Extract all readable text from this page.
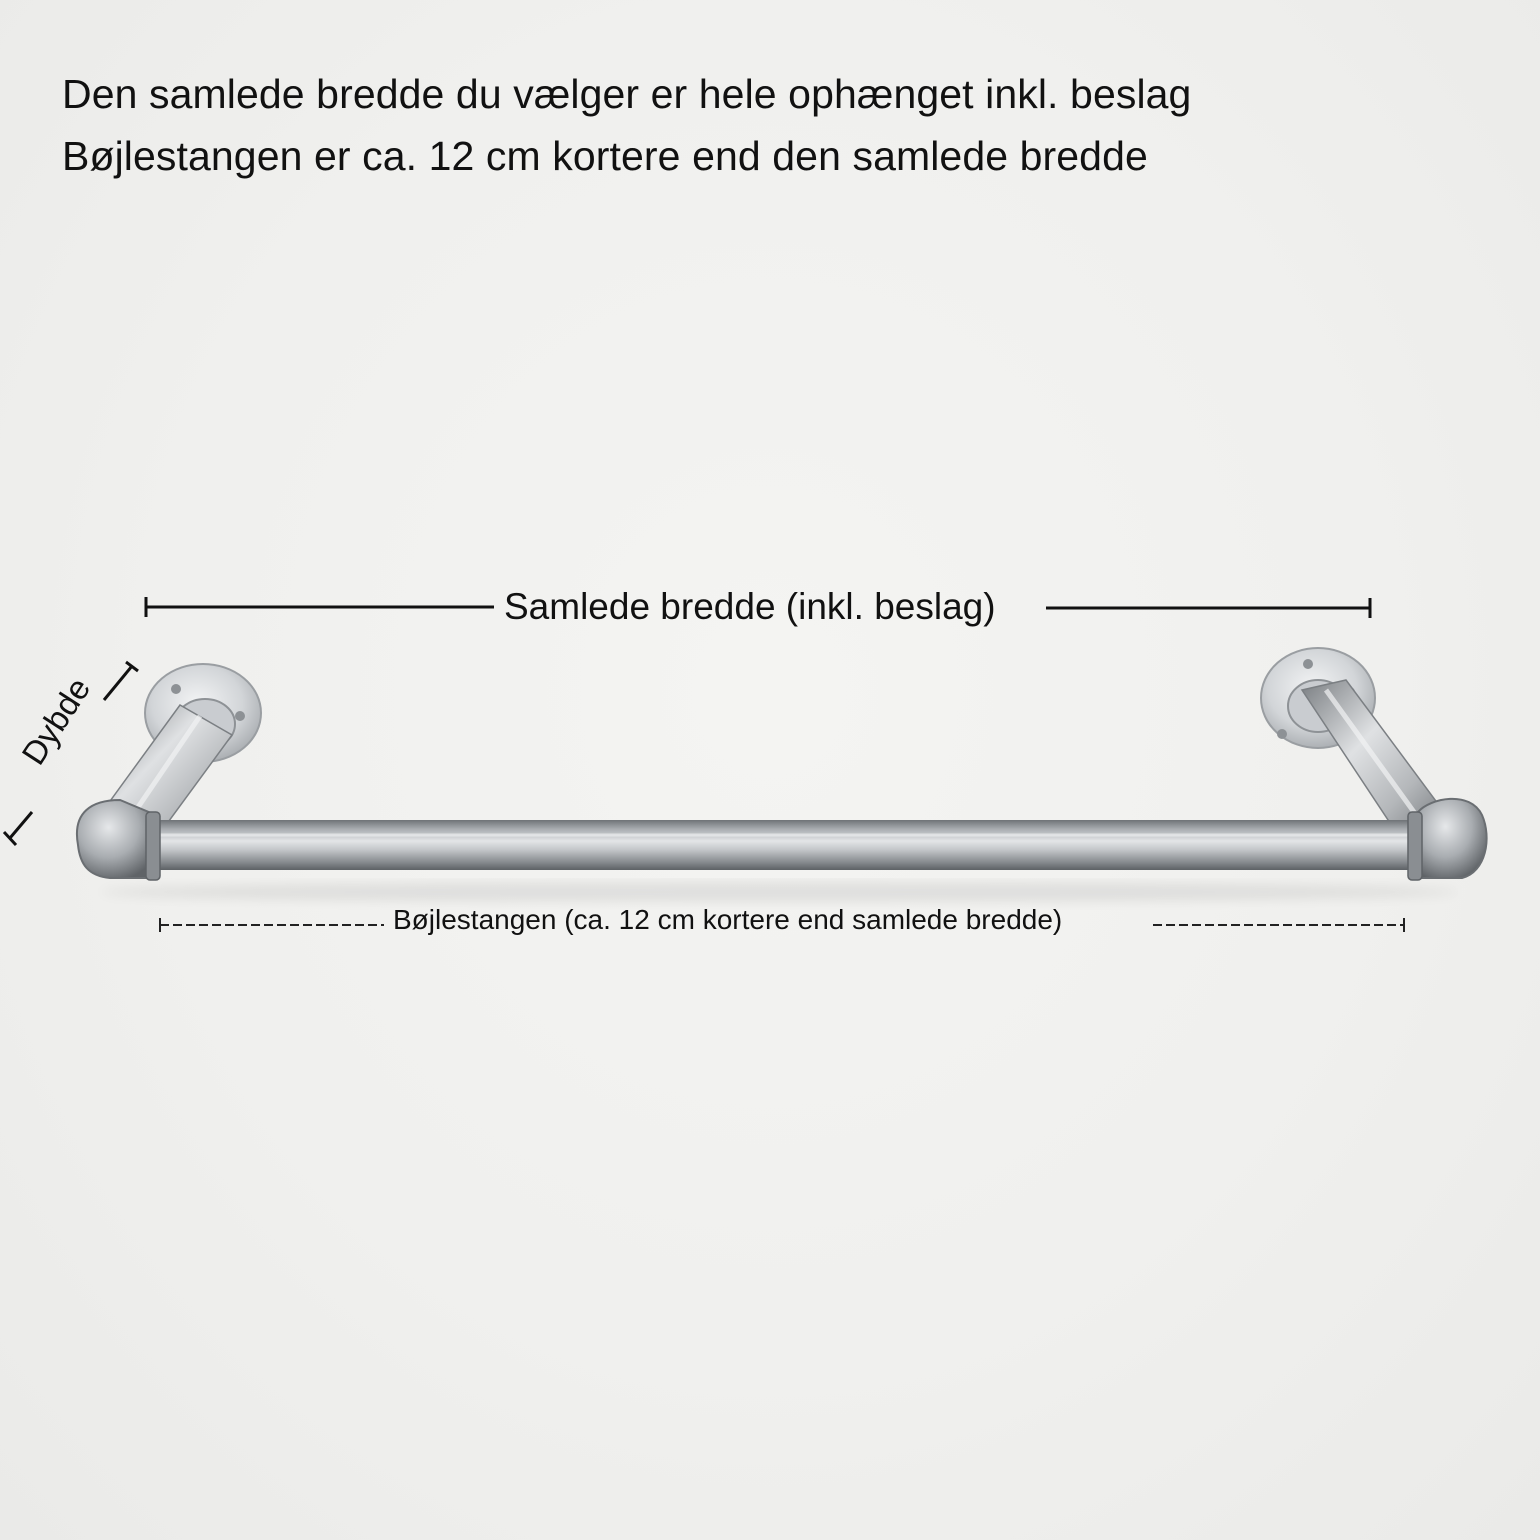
Den samlede bredde du vælger er hele ophænget inkl. beslag
Bøjlestangen er ca. 12 cm kortere end den samlede bredde
Samlede bredde (inkl. beslag)
Bøjlestangen (ca. 12 cm kortere end samlede bredde)
Dybde
